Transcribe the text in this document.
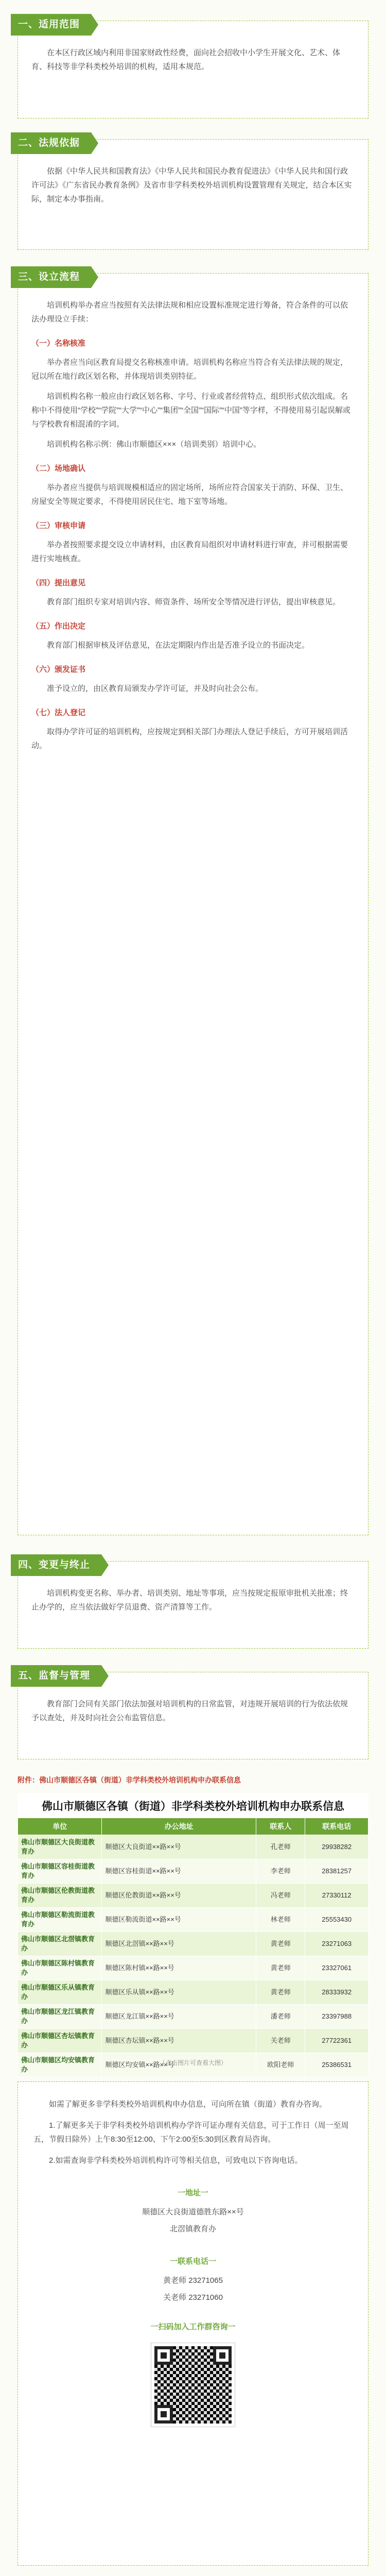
一、适用范围

在本区行政区域内利用非国家财政性经费，面向社会招收中小学生开展文化、艺术、体育、科技等非学科类校外培训的机构，适用本规范。

二、法规依据

依据《中华人民共和国教育法》《中华人民共和国民办教育促进法》《中华人民共和国行政许可法》《广东省民办教育条例》及省市非学科类校外培训机构设置管理有关规定，结合本区实际，制定本办事指南。

三、设立流程

培训机构举办者应当按照有关法律法规和相应设置标准规定进行筹备，符合条件的可以依法办理设立手续：

（一）名称核准

举办者应当向区教育局提交名称核准申请。培训机构名称应当符合有关法律法规的规定，冠以所在地行政区划名称，并体现培训类别特征。

培训机构名称一般应由行政区划名称、字号、行业或者经营特点、组织形式依次组成。名称中不得使用“学校”“学院”“大学”“中心”“集团”“全国”“国际”“中国”等字样，不得使用易引起误解或与学校教育相混淆的字词。

培训机构名称示例：佛山市顺德区×××（培训类别）培训中心。

（二）场地确认

举办者应当提供与培训规模相适应的固定场所，场所应符合国家关于消防、环保、卫生、房屋安全等规定要求，不得使用居民住宅、地下室等场地。

（三）审核申请

举办者按照要求提交设立申请材料，由区教育局组织对申请材料进行审查，并可根据需要进行实地核查。

（四）提出意见

教育部门组织专家对培训内容、师资条件、场所安全等情况进行评估，提出审核意见。

（五）作出决定

教育部门根据审核及评估意见，在法定期限内作出是否准予设立的书面决定。

（六）颁发证书

准予设立的，由区教育局颁发办学许可证，并及时向社会公布。

（七）法人登记

取得办学许可证的培训机构，应按规定到相关部门办理法人登记手续后，方可开展培训活动。

四、变更与终止

培训机构变更名称、举办者、培训类别、地址等事项，应当按规定报原审批机关批准；终止办学的，应当依法做好学员退费、资产清算等工作。

五、监督与管理

教育部门会同有关部门依法加强对培训机构的日常监管，对违规开展培训的行为依法依规予以查处，并及时向社会公布监管信息。

附件：佛山市顺德区各镇（街道）非学科类校外培训机构申办联系信息
佛山市顺德区各镇（街道）非学科类校外培训机构申办联系信息
单位	办公地址	联系人	联系电话
佛山市顺德区大良街道教育办	顺德区大良街道××路××号	孔老师	29938282
佛山市顺德区容桂街道教育办	顺德区容桂街道××路××号	李老师	28381257
佛山市顺德区伦教街道教育办	顺德区伦教街道××路××号	冯老师	27330112
佛山市顺德区勒流街道教育办	顺德区勒流街道××路××号	林老师	25553430
佛山市顺德区北滘镇教育办	顺德区北滘镇××路××号	黄老师	23271063
佛山市顺德区陈村镇教育办	顺德区陈村镇××路××号	黄老师	23327061
佛山市顺德区乐从镇教育办	顺德区乐从镇××路××号	黄老师	28333932
佛山市顺德区龙江镇教育办	顺德区龙江镇××路××号	潘老师	23397988
佛山市顺德区杏坛镇教育办	顺德区杏坛镇××路××号	关老师	27722361
佛山市顺德区均安镇教育办	顺德区均安镇××路××号	欧阳老师	25386531
（点击图片可查看大图）

如需了解更多非学科类校外培训机构申办信息，可向所在镇（街道）教育办咨询。

1.了解更多关于非学科类校外培训机构办学许可证办理有关信息，可于工作日（周一至周五，节假日除外）上午8:30至12:00、下午2:00至5:30到区教育局咨询。

2.如需查询非学科类校外培训机构许可等相关信息，可致电以下咨询电话。

一地址一

顺德区大良街道德胜东路××号

北滘镇教育办

一联系电话一

黄老师 23271065

关老师 23271060

一扫码加入工作群咨询一
